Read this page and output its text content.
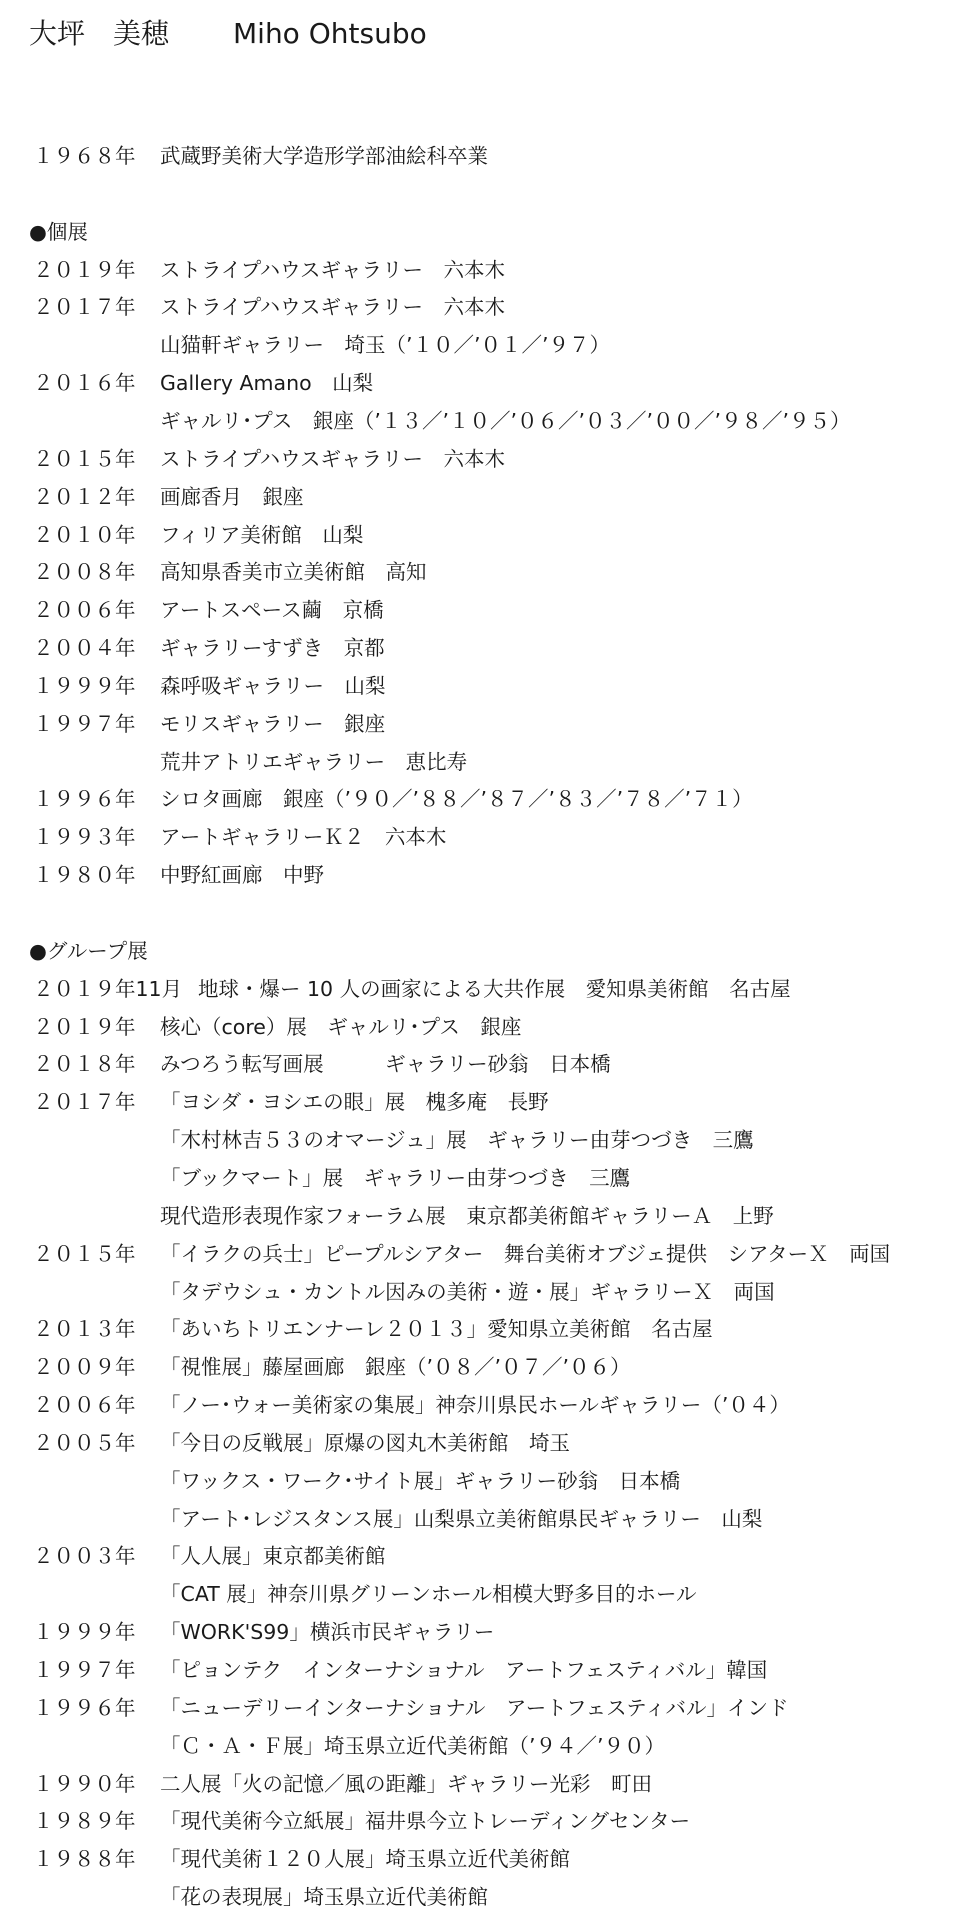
大坪　美穂 Miho Ohtsubo
１９６８年 武蔵野美術大学造形学部油絵科卒業
●個展
２０１９年 ストライプハウスギャラリー　六本木
２０１７年 ストライプハウスギャラリー　六本木
山猫軒ギャラリー　埼玉（’１０／’０１／’９７）
２０１６年 Gallery Amano　山梨
ギャルリ･プス　銀座（’１３／’１０／’０６／’０３／’００／’９８／’９５）
２０１５年 ストライプハウスギャラリー　六本木
２０１２年 画廊香月　銀座
２０１０年 フィリア美術館　山梨
２００８年 高知県香美市立美術館　高知
２００６年 アートスペース繭　京橋
２００４年 ギャラリーすずき　京都
１９９９年 森呼吸ギャラリー　山梨
１９９７年 モリスギャラリー　銀座
荒井アトリエギャラリー　恵比寿
１９９６年 シロタ画廊　銀座（’９０／’８８／’８７／’８３／’７８／’７１）
１９９３年 アートギャラリーＫ２　六本木
１９８０年 中野紅画廊　中野
●グループ展
２０１９年11月 地球・爆ー 10 人の画家による大共作展　愛知県美術館　名古屋
２０１９年 核心（core）展　ギャルリ･プス　銀座
２０１８年 みつろう転写画展　　　ギャラリー砂翁　日本橋
２０１７年 「ヨシダ・ヨシエの眼」展　槐多庵　長野
「木村林吉５３のオマージュ」展　ギャラリー由芽つづき　三鷹
「ブックマート」展　ギャラリー由芽つづき　三鷹
現代造形表現作家フォーラム展　東京都美術館ギャラリーＡ　上野
２０１５年 「イラクの兵士」ピープルシアター　舞台美術オブジェ提供　シアターＸ　両国
「タデウシュ・カントル因みの美術・遊・展」ギャラリーＸ　両国
２０１３年 「あいちトリエンナーレ２０１３」愛知県立美術館　名古屋
２００９年 「視惟展」藤屋画廊　銀座（’０８／’０７／’０６）
２００６年 「ノー･ウォー美術家の集展」神奈川県民ホールギャラリー（’０４）
２００５年 「今日の反戦展」原爆の図丸木美術館　埼玉
「ワックス・ワーク･サイト展」ギャラリー砂翁　日本橋
「アート･レジスタンス展」山梨県立美術館県民ギャラリー　山梨
２００３年 「人人展」東京都美術館
「CAT 展」神奈川県グリーンホール相模大野多目的ホール
１９９９年 「WORK'S99」横浜市民ギャラリー
１９９７年 「ピョンテク　インターナショナル　アートフェスティバル」韓国
１９９６年 「ニューデリーインターナショナル　アートフェスティバル」インド
「Ｃ・Ａ・Ｆ展」埼玉県立近代美術館（’９４／’９０）
１９９０年 二人展「火の記憶／風の距離」ギャラリー光彩　町田
１９８９年 「現代美術今立紙展」福井県今立トレーディングセンター
１９８８年 「現代美術１２０人展」埼玉県立近代美術館
「花の表現展」埼玉県立近代美術館
